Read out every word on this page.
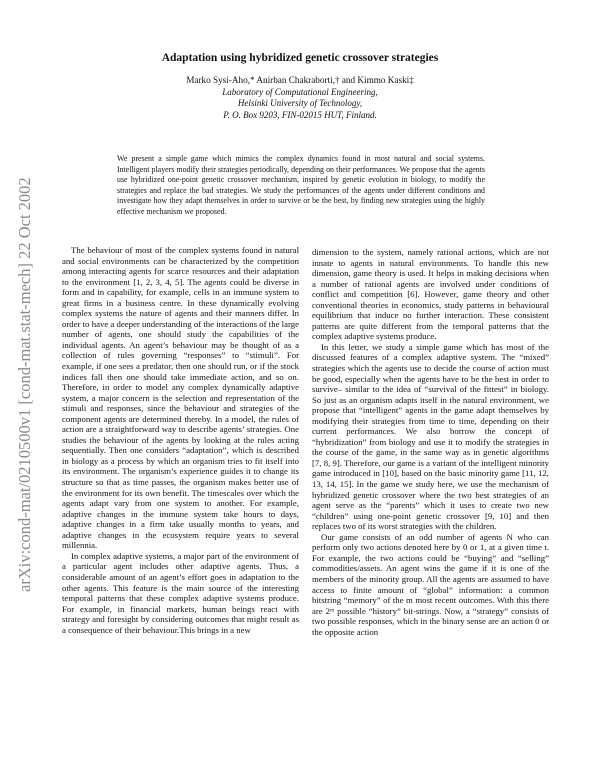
arXiv:cond-mat/0210500v1 [cond-mat.stat-mech] 22 Oct 2002
Adaptation using hybridized genetic crossover strategies
Marko Sysi-Aho,* Anirban Chakraborti,† and Kimmo Kaski‡
Laboratory of Computational Engineering,
Helsinki University of Technology,
P. O. Box 9203, FIN-02015 HUT, Finland.
We present a simple game which mimics the complex dynamics found in most natural and social systems. Intelligent players modify their strategies periodically, depending on their performances. We propose that the agents use hybridized one-point genetic crossover mechanism, inspired by genetic evolution in biology, to modify the strategies and replace the bad strategies. We study the performances of the agents under different conditions and investigate how they adapt themselves in order to survive or be the best, by finding new strategies using the highly effective mechanism we proposed.

The behaviour of most of the complex systems found in natural and social environments can be characterized by the competition among interacting agents for scarce resources and their adaptation to the environment [1, 2, 3, 4, 5]. The agents could be diverse in form and in capability, for example, cells in an immune system to great firms in a business centre. In these dynamically evolving complex systems the nature of agents and their manners differ. In order to have a deeper understanding of the interactions of the large number of agents, one should study the capabilities of the individual agents. An agent’s behaviour may be thought of as a collection of rules governing “responses” to “stimuli”. For example, if one sees a predator, then one should run, or if the stock indices fall then one should take immediate action, and so on. Therefore, in order to model any complex dynamically adaptive system, a major concern is the selection and representation of the stimuli and responses, since the behaviour and strategies of the component agents are determined thereby. In a model, the rules of action are a straightforward way to describe agents’ strategies. One studies the behaviour of the agents by looking at the rules acting sequentially. Then one considers “adaptation”, which is described in biology as a process by which an organism tries to fit itself into its environment. The organism’s experience guides it to change its structure so that as time passes, the organism makes better use of the environment for its own benefit. The timescales over which the agents adapt vary from one system to another. For example, adaptive changes in the immune system take hours to days, adaptive changes in a firm take usually months to years, and adaptive changes in the ecosystem require years to several millennia.

In complex adaptive systems, a major part of the environment of a particular agent includes other adaptive agents. Thus, a considerable amount of an agent’s effort goes in adaptation to the other agents. This feature is the main source of the interesting temporal patterns that these complex adaptive systems produce. For example, in financial markets, human beings react with strategy and foresight by considering outcomes that might result as a consequence of their behaviour.This brings in a new

dimension to the system, namely rational actions, which are not innate to agents in natural environments. To handle this new dimension, game theory is used. It helps in making decisions when a number of rational agents are involved under conditions of conflict and competition [6]. However, game theory and other conventional theories in economics, study patterns in behavioural equilibrium that induce no further interaction. These consistent patterns are quite different from the temporal patterns that the complex adaptive systems produce.

In this letter, we study a simple game which has most of the discussed features of a complex adaptive system. The “mixed” strategies which the agents use to decide the course of action must be good, especially when the agents have to be the best in order to survive– similar to the idea of “survival of the fittest” in biology. So just as an organism adapts itself in the natural environment, we propose that “intelligent” agents in the game adapt themselves by modifying their strategies from time to time, depending on their current performances. We also borrow the concept of “hybridization” from biology and use it to modify the strategies in the course of the game, in the same way as in genetic algorithms [7, 8, 9]. Therefore, our game is a variant of the intelligent minority game introduced in [10], based on the basic minority game [11, 12, 13, 14, 15]. In the game we study here, we use the mechanism of hybridized genetic crossover where the two best strategies of an agent serve as the “parents” which it uses to create two new “children” using one-point genetic crossover [9, 10] and then replaces two of its worst strategies with the children.

Our game consists of an odd number of agents N who can perform only two actions denoted here by 0 or 1, at a given time t. For example, the two actions could be “buying” and “selling” commodities/assets. An agent wins the game if it is one of the members of the minority group. All the agents are assumed to have access to finite amount of “global” information: a common bitstring “memory” of the m most recent outcomes. With this there are 2ᵐ possible “history” bit-strings. Now, a “strategy” consists of two possible responses, which in the binary sense are an action 0 or the opposite action
